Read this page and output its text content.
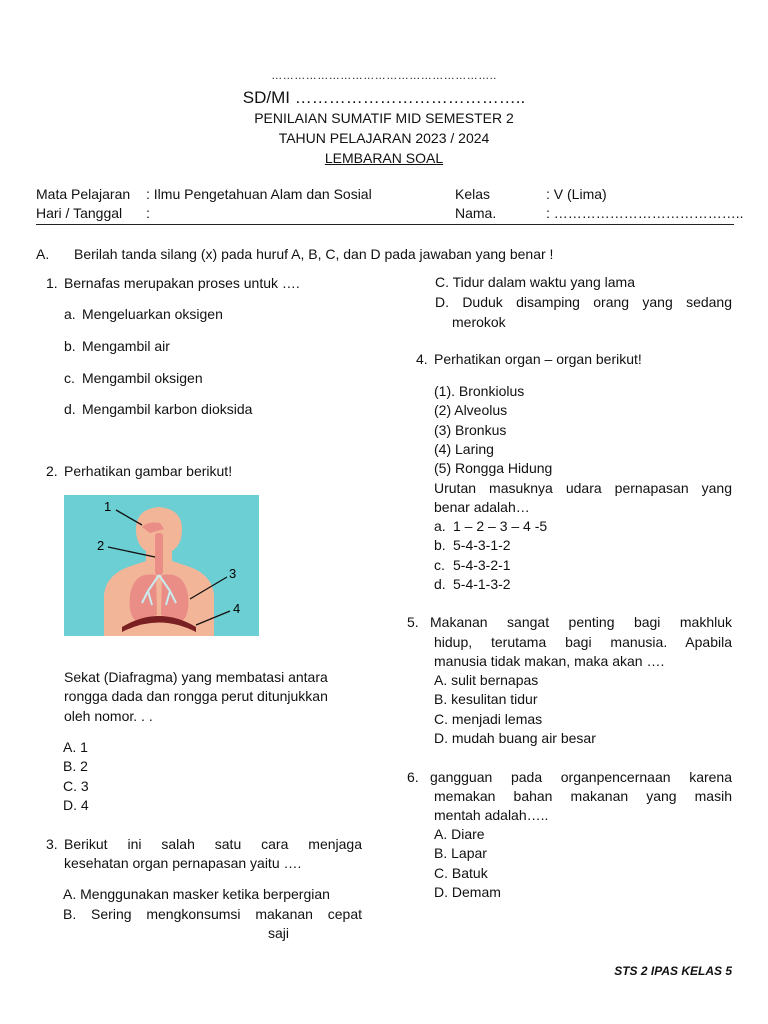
…………………………………………………..
SD/MI …………………………………..
PENILAIAN SUMATIF MID SEMESTER 2
TAHUN PELAJARAN 2023 / 2024
LEMBARAN SOAL
Mata Pelajaran : Ilmu Pengetahuan Alam dan Sosial
Hari / Tanggal :
Kelas	: V (Lima)
Nama.	: …………………………………..
A. Berilah tanda silang (x) pada huruf A, B, C, dan D pada jawaban yang benar !
1. Bernafas merupakan proses untuk ….
a. Mengeluarkan oksigen
b. Mengambil air
c. Mengambil oksigen
d. Mengambil karbon dioksida
2. Perhatikan gambar berikut!
1
2
3
4
Sekat (Diafragma) yang membatasi antara
rongga dada dan rongga perut ditunjukkan
oleh nomor. . .
A. 1
B. 2
C. 3
D. 4
3. Berikut ini salah satu cara menjaga
kesehatan organ pernapasan yaitu ….
A. Menggunakan masker ketika berpergian
B. Sering mengkonsumsi makanan cepat
saji
C. Tidur dalam waktu yang lama
D. Duduk disamping orang yang sedang
merokok
4. Perhatikan organ – organ berikut!
(1). Bronkiolus
(2) Alveolus
(3) Bronkus
(4) Laring
(5) Rongga Hidung
Urutan masuknya udara pernapasan yang
benar adalah…
a. 1 – 2 – 3 – 4 -5
b. 5-4-3-1-2
c. 5-4-3-2-1
d. 5-4-1-3-2
5. Makanan sangat penting bagi makhluk
hidup, terutama bagi manusia. Apabila
manusia tidak makan, maka akan ….
A. sulit bernapas
B. kesulitan tidur
C. menjadi lemas
D. mudah buang air besar
6. gangguan pada organpencernaan karena
memakan bahan makanan yang masih
mentah adalah…..
A. Diare
B. Lapar
C. Batuk
D. Demam
STS 2 IPAS KELAS 5
